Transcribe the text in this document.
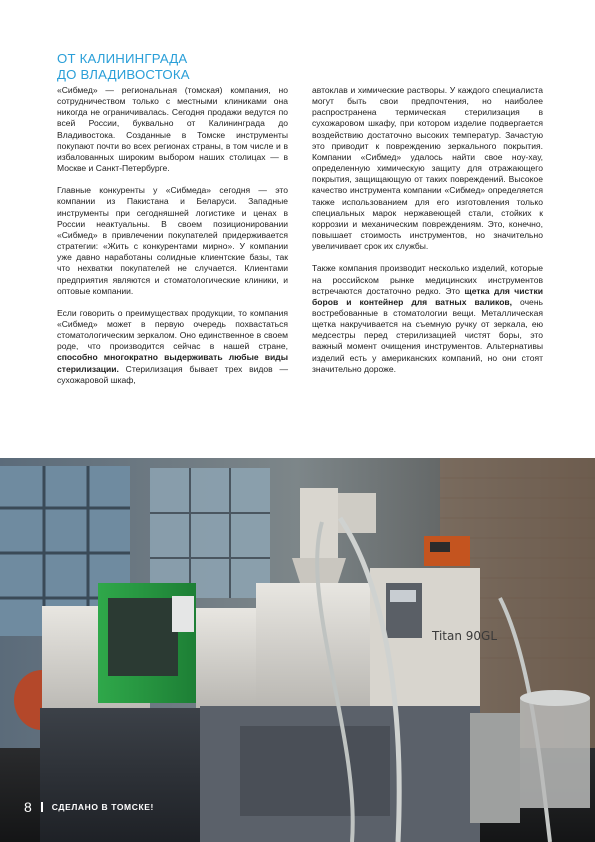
ОТ КАЛИНИНГРАДА
ДО ВЛАДИВОСТОКА

«Сибмед» — региональная (томская) компания, но сотрудничеством только с местными клиниками она никогда не ограничивалась. Сегодня продажи ведутся по всей России, буквально от Калининграда до Владивостока. Созданные в Томске инструменты покупают почти во всех регионах страны, в том числе и в избалованных широким выбором наших столицах — в Москве и Санкт-Петербурге.

Главные конкуренты у «Сибмеда» сегодня — это компании из Пакистана и Беларуси. Западные инструменты при сегодняшней логистике и ценах в России неактуальны. В своем позиционировании «Сибмед» в привлечении покупателей придерживается стратегии: «Жить с конкурентами мирно». У компании уже давно наработаны солидные клиентские базы, так что нехватки покупателей не случается. Клиентами предприятия являются и стоматологические клиники, и оптовые компании.

Если говорить о преимуществах продукции, то компания «Сибмед» может в первую очередь похвастаться стоматологическим зеркалом. Оно единственное в своем роде, что производится сейчас в нашей стране, способно многократно выдерживать любые виды стерилизации. Стерилизация бывает трех видов — сухожаровой шкаф,

автоклав и химические растворы. У каждого специалиста могут быть свои предпочтения, но наиболее распространена термическая стерилизация в сухожаровом шкафу, при котором изделие подвергается воздействию достаточно высоких температур. Зачастую это приводит к повреждению зеркального покрытия. Компании «Сибмед» удалось найти свое ноу-хау, определенную химическую защиту для отражающего покрытия, защищающую от таких повреждений. Высокое качество инструмента компании «Сибмед» определяется также использованием для его изготовления только специальных марок нержавеющей стали, стойких к коррозии и механическим повреждениям. Это, конечно, повышает стоимость инструментов, но значительно увеличивает срок их службы.

Также компания производит несколько изделий, которые на российском рынке медицинских инструментов встречаются достаточно редко. Это щетка для чистки боров и контейнер для ватных валиков, очень востребованные в стоматологии вещи. Металлическая щетка накручивается на съемную ручку от зеркала, ею медсестры перед стерилизацией чистят боры, это важный момент очищения инструментов. Альтернативы изделий есть у американских компаний, но они стоят значительно дороже.

Titan 90GL
8 СДЕЛАНО В ТОМСКЕ!
